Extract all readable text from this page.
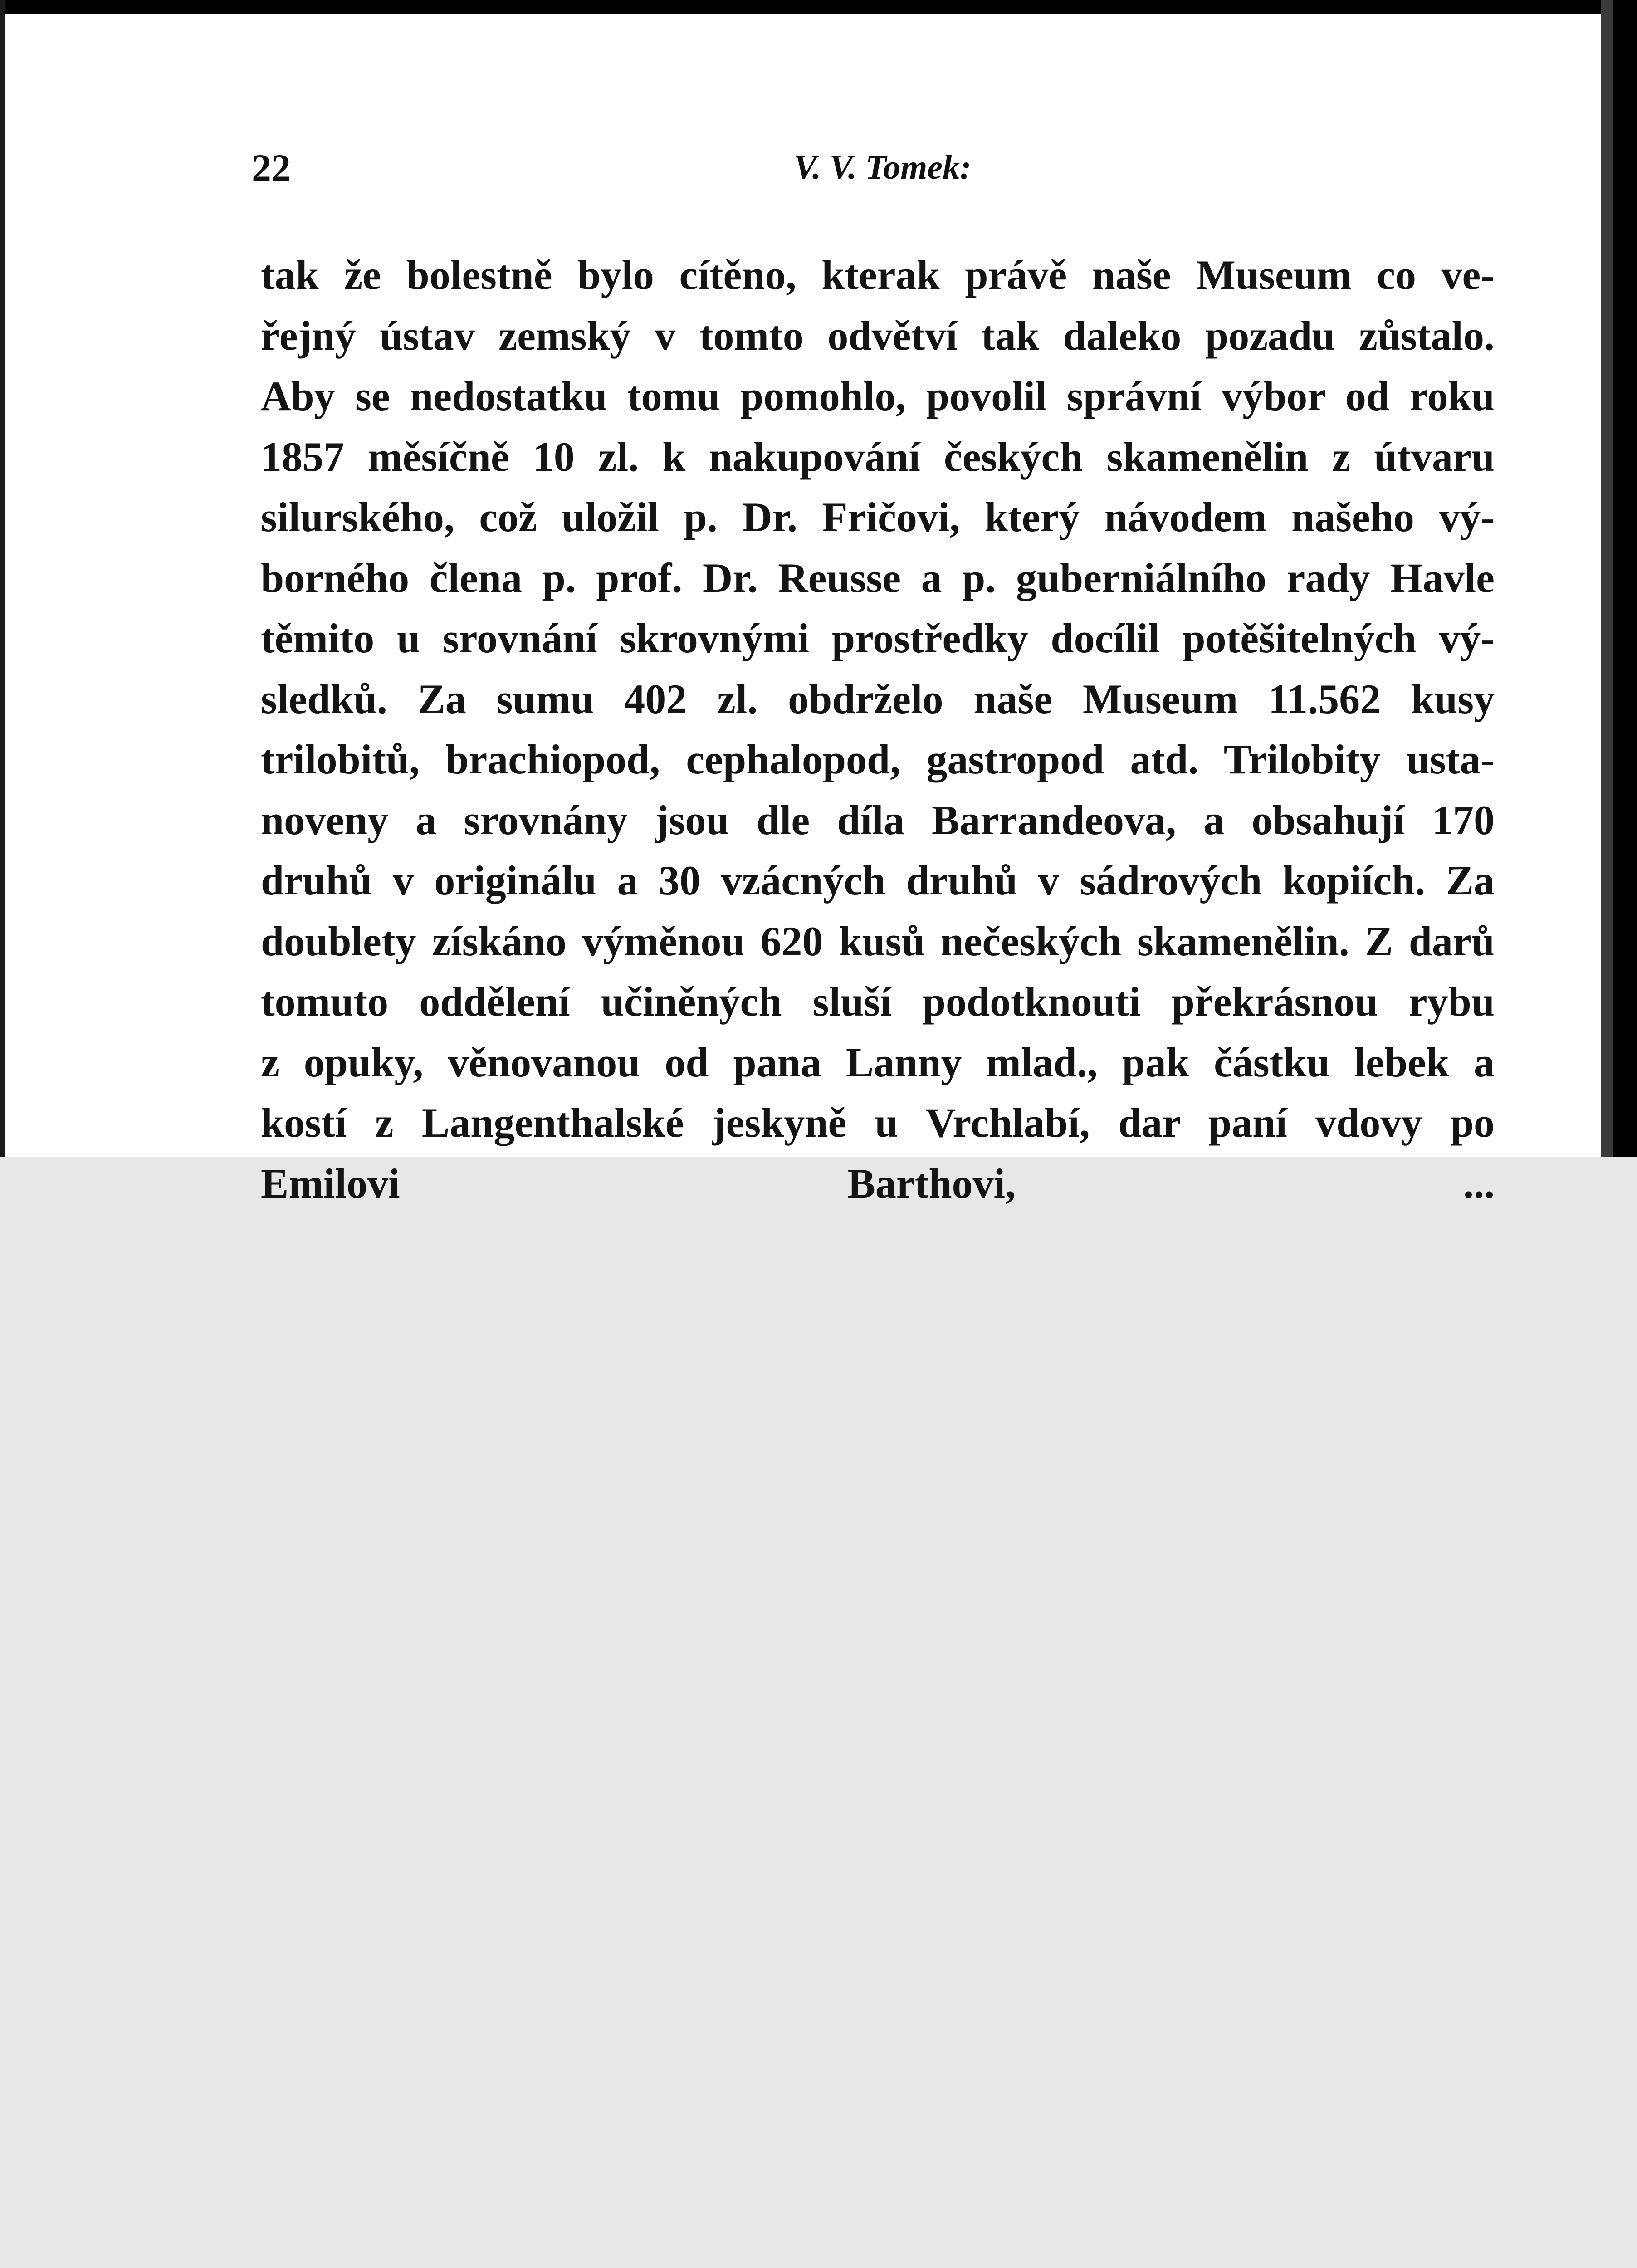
22	V. V. Tomek:
tak že bolestně bylo cítěno, kterak právě naše Museum co ve-
řejný ústav zemský v tomto odvětví tak daleko pozadu zůstalo.
Aby se nedostatku tomu pomohlo, povolil správní výbor od roku
1857 měsíčně 10 zl. k nakupování českých skamenělin z útvaru
silurského, což uložil p. Dr. Fričovi, který návodem našeho vý-
borného člena p. prof. Dr. Reusse a p. guberniálního rady Havle
těmito u srovnání skrovnými prostředky docílil potěšitelných vý-
sledků. Za sumu 402 zl. obdrželo naše Museum 11.562 kusy
trilobitů, brachiopod, cephalopod, gastropod atd. Trilobity usta-
noveny a srovnány jsou dle díla Barrandeova, a obsahují 170
druhů v originálu a 30 vzácných druhů v sádrových kopiích. Za
doublety získáno výměnou 620 kusů nečeských skamenělin. Z darů
tomuto oddělení učiněných sluší podotknouti překrásnou rybu
z opuky, věnovanou od pana Lanny mlad., pak částku lebek a
kostí z Langenthalské jeskyně u Vrchlabí, dar paní vdovy po
Emilovi Barthovi, ...
